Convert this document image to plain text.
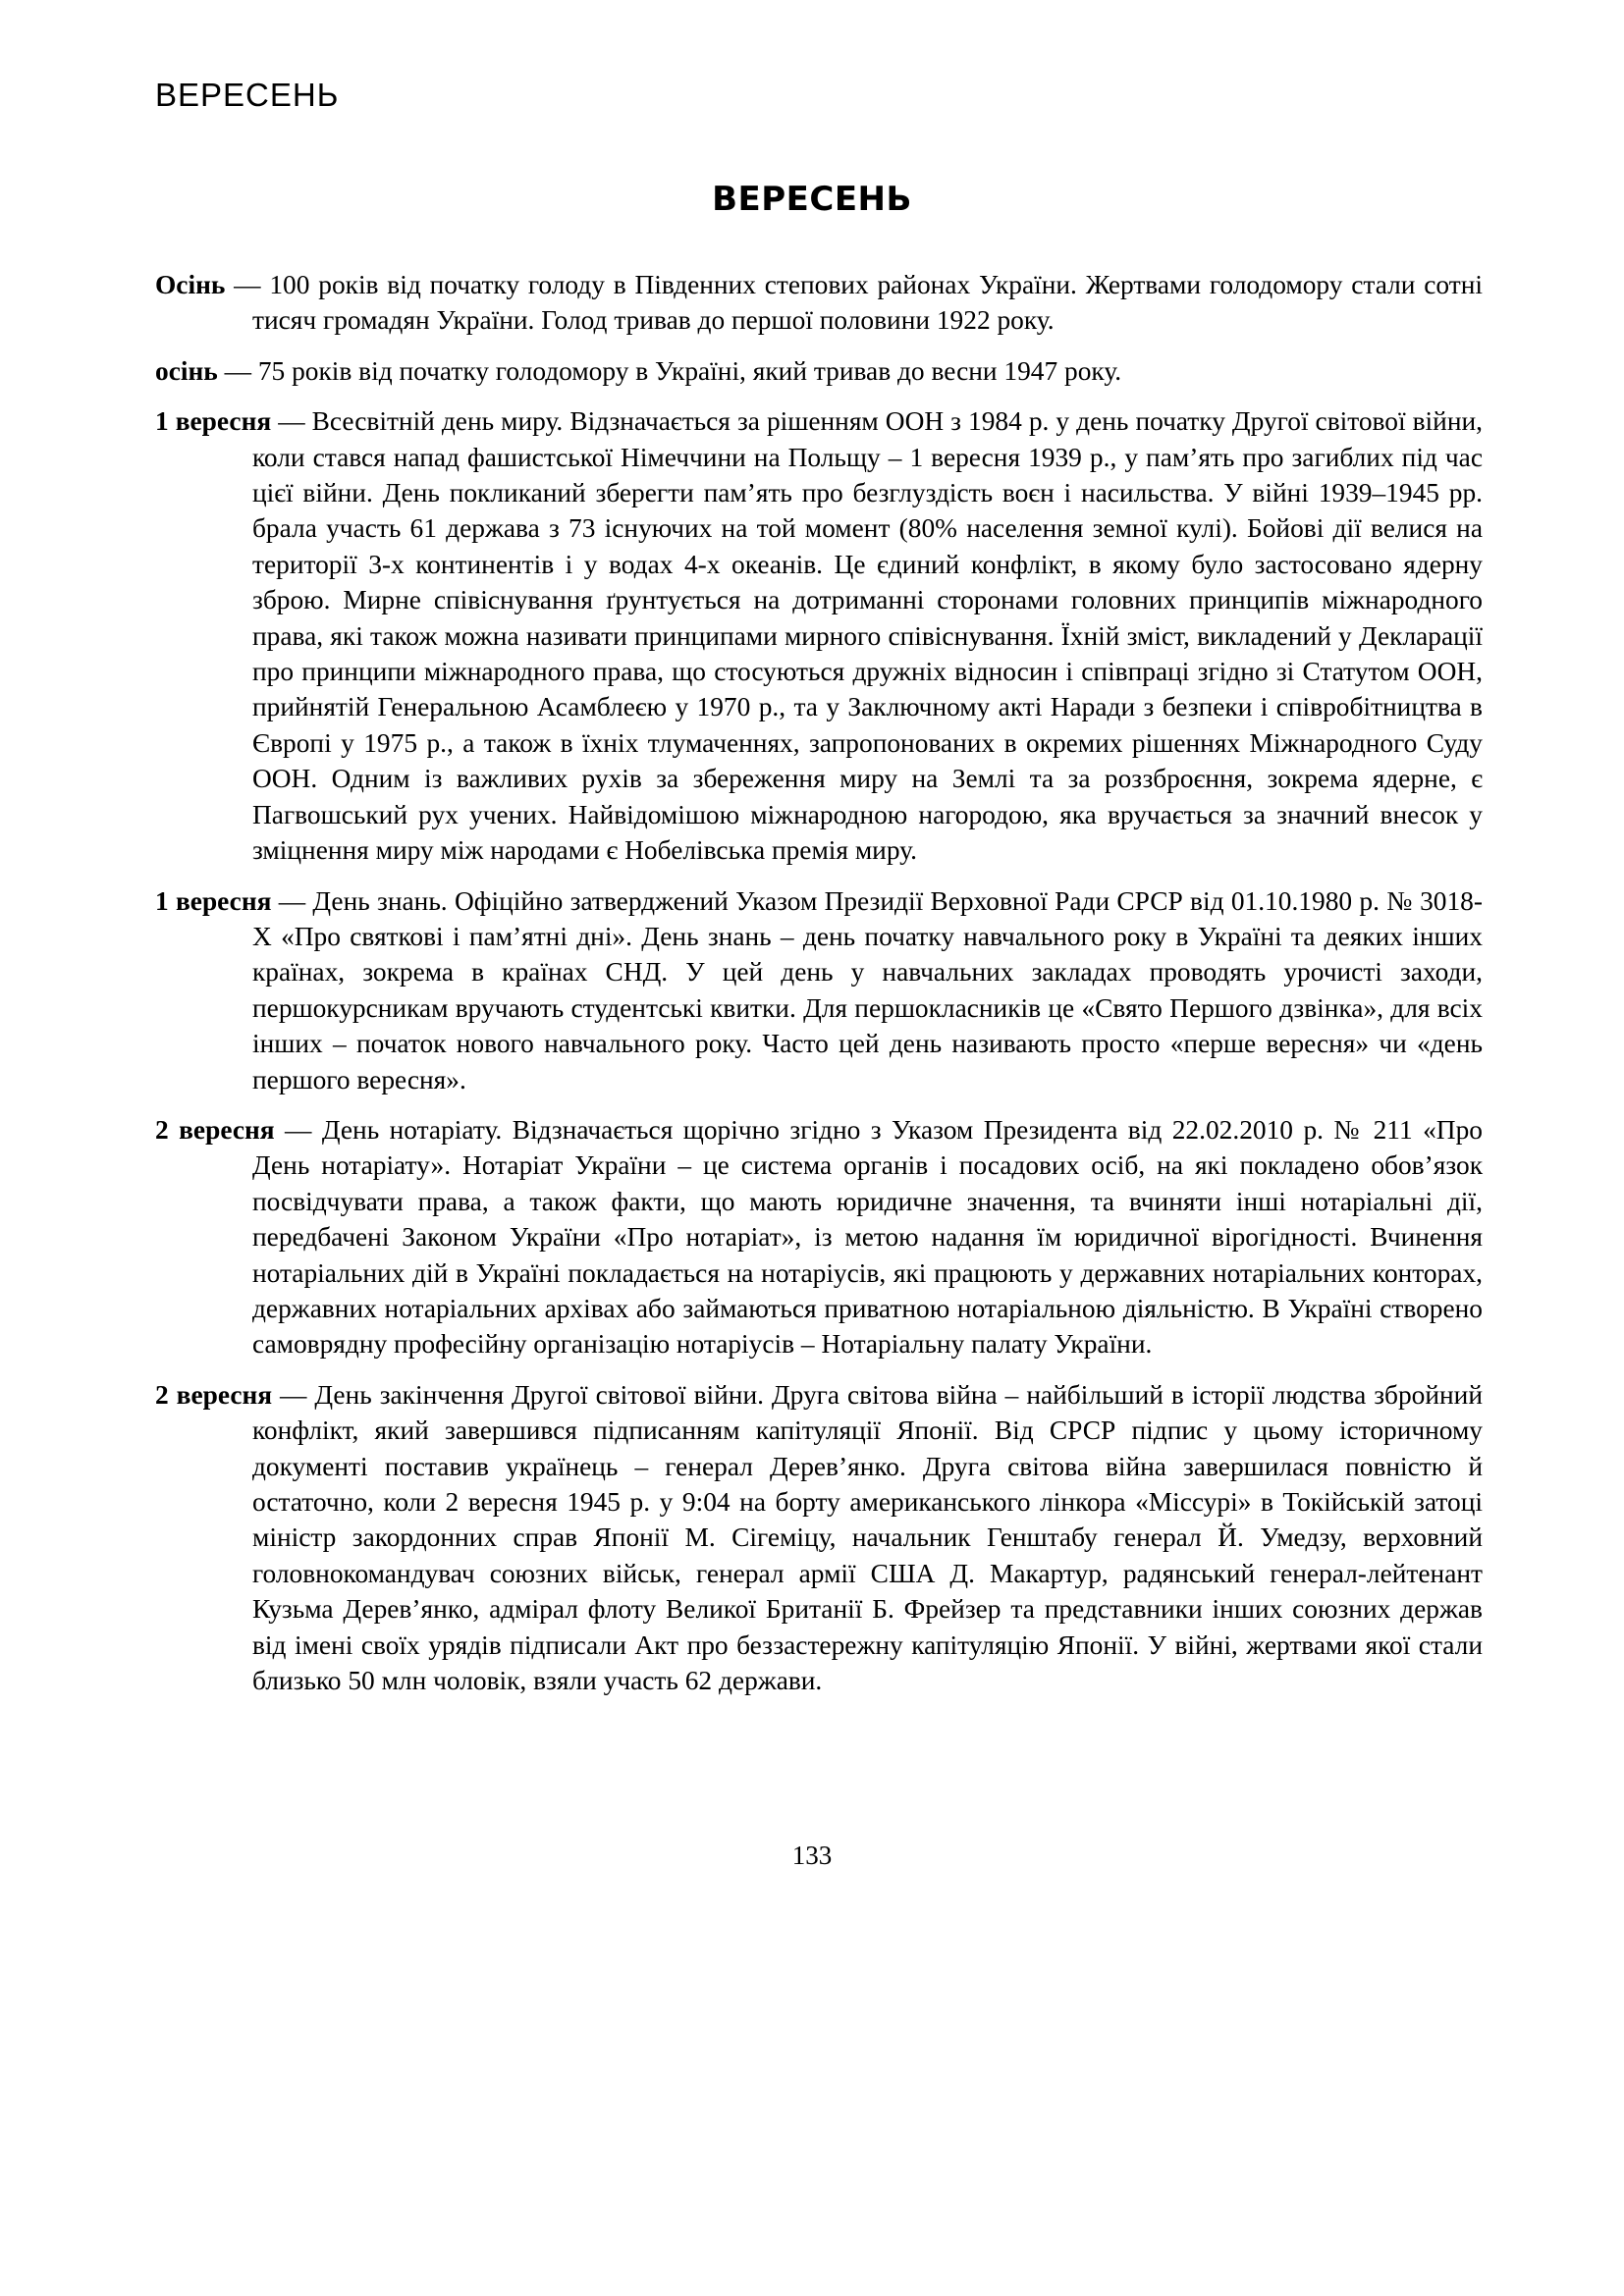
ВЕРЕСЕНЬ
ВЕРЕСЕНЬ

Осінь — 100 років від початку голоду в Південних степових районах України. Жертвами голодомору стали сотні тисяч громадян України. Голод тривав до першої половини 1922 року.

осінь — 75 років від початку голодомору в Україні, який тривав до весни 1947 року.

1 вересня — Всесвітній день миру. Відзначається за рішенням ООН з 1984 р. у день початку Другої світової війни, коли стався напад фашистської Німеччини на Польщу – 1 вересня 1939 р., у пам’ять про загиблих під час цієї війни. День покликаний зберегти пам’ять про безглуздість воєн і насильства. У війні 1939–1945 рр. брала участь 61 держава з 73 існуючих на той момент (80% населення земної кулі). Бойові дії велися на території 3-х континентів і у водах 4-х океанів. Це єдиний конфлікт, в якому було застосовано ядерну зброю. Мирне співіснування ґрунтується на дотриманні сторонами головних принципів міжнародного права, які також можна називати принципами мирного співіснування. Їхній зміст, викладений у Декларації про принципи міжнародного права, що стосуються дружніх відносин і співпраці згідно зі Статутом ООН, прийнятій Генеральною Асамблеєю у 1970 р., та у Заключному акті Наради з безпеки і співробітництва в Європі у 1975 р., а також в їхніх тлумаченнях, запропонованих в окремих рішеннях Міжнародного Суду ООН. Одним із важливих рухів за збереження миру на Землі та за роззброєння, зокрема ядерне, є Пагвошський рух учених. Найвідомішою міжнародною нагородою, яка вручається за значний внесок у зміцнення миру між народами є Нобелівська премія миру.

1 вересня — День знань. Офіційно затверджений Указом Президії Верховної Ради СРСР від 01.10.1980 р. № 3018-X «Про святкові і пам’ятні дні». День знань – день початку навчального року в Україні та деяких інших країнах, зокрема в країнах СНД. У цей день у навчальних закладах проводять урочисті заходи, першокурсникам вручають студентські квитки. Для першокласників це «Свято Першого дзвінка», для всіх інших – початок нового навчального року. Часто цей день називають просто «перше вересня» чи «день першого вересня».

2 вересня — День нотаріату. Відзначається щорічно згідно з Указом Президента від 22.02.2010 р. № 211 «Про День нотаріату». Нотаріат України – це система органів і посадових осіб, на які покладено обов’язок посвідчувати права, а також факти, що мають юридичне значення, та вчиняти інші нотаріальні дії, передбачені Законом України «Про нотаріат», із метою надання їм юридичної вірогідності. Вчинення нотаріальних дій в Україні покладається на нотаріусів, які працюють у державних нотаріальних конторах, державних нотаріальних архівах або займаються приватною нотаріальною діяльністю. В Україні створено самоврядну професійну організацію нотаріусів – Нотаріальну палату України.

2 вересня — День закінчення Другої світової війни. Друга світова війна – найбільший в історії людства збройний конфлікт, який завершився підписанням капітуляції Японії. Від СРСР підпис у цьому історичному документі поставив українець – генерал Дерев’янко. Друга світова війна завершилася повністю й остаточно, коли 2 вересня 1945 р. у 9:04 на борту американського лінкора «Міссурі» в Токійській затоці міністр закордонних справ Японії М. Сігеміцу, начальник Генштабу генерал Й. Умедзу, верховний головнокомандувач союзних військ, генерал армії США Д. Макартур, радянський генерал-лейтенант Кузьма Дерев’янко, адмірал флоту Великої Британії Б. Фрейзер та представники інших союзних держав від імені своїх урядів підписали Акт про беззастережну капітуляцію Японії. У війні, жертвами якої стали близько 50 млн чоловік, взяли участь 62 держави.

133
